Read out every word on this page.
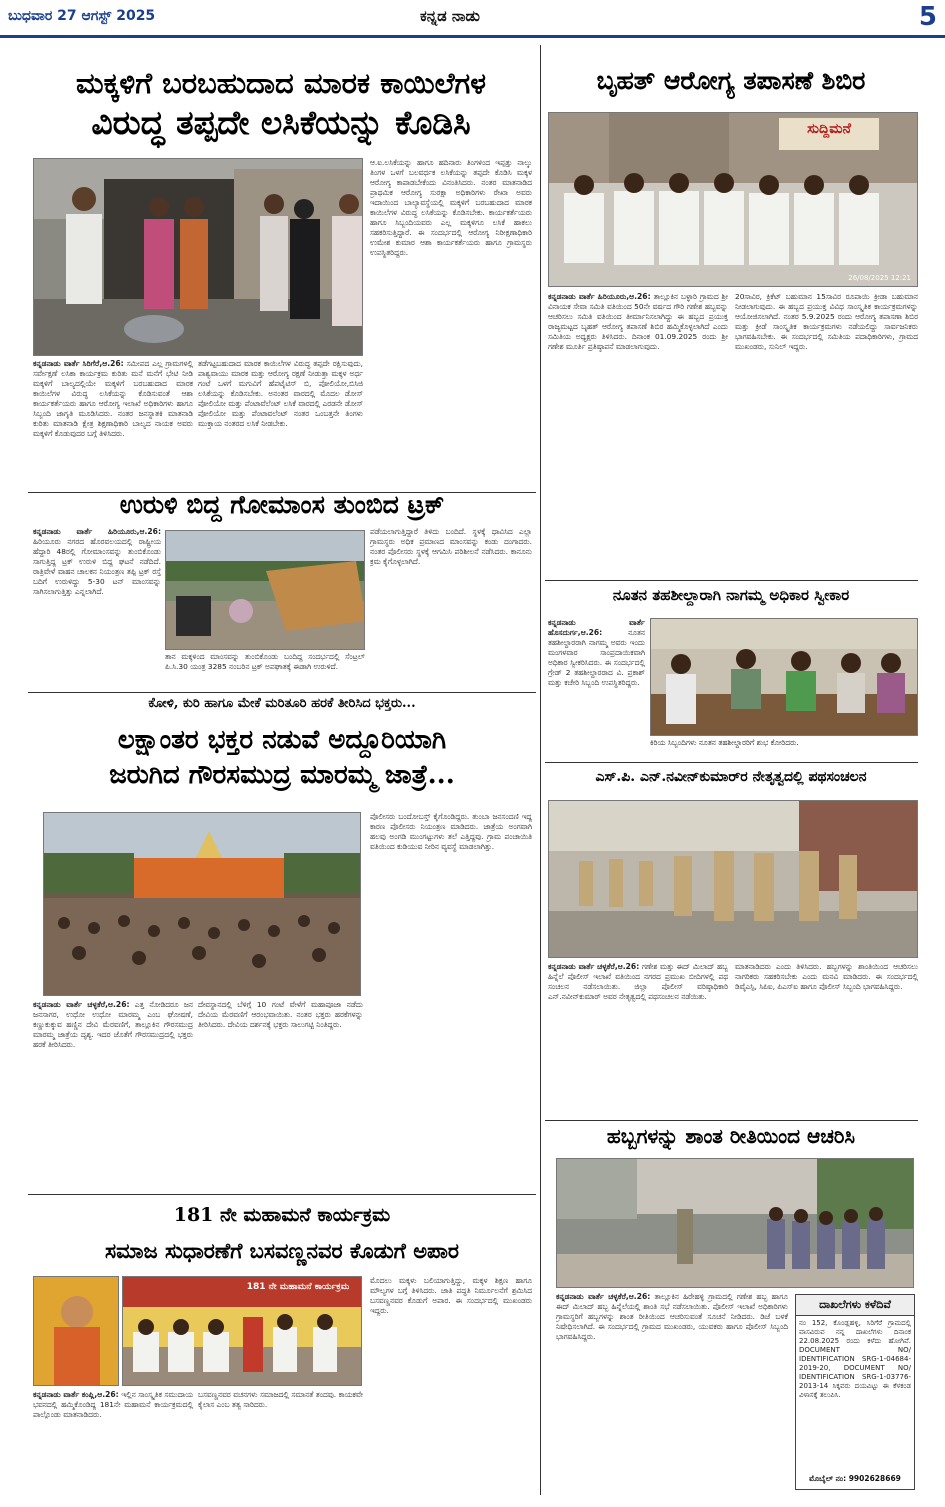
ಬುಧವಾರ 27 ಆಗಸ್ಟ್ 2025	ಕನ್ನಡ ನಾಡು	5
ಮಕ್ಕಳಿಗೆ ಬರಬಹುದಾದ ಮಾರಕ ಕಾಯಿಲೆಗಳ
ವಿರುದ್ಧ ತಪ್ಪದೇ ಲಸಿಕೆಯನ್ನು ಕೊಡಿಸಿ

ಕನ್ನಡನಾಡು ವಾರ್ತೆ ಸಿರಿಗೆರೆ,ಆ.26: ಸಮೀಪದ ಎಲ್ಲ ಗ್ರಾಮಗಳಲ್ಲಿ ಸರ್ವೇಕ್ಷಣೆ ಲಸಿಕಾ ಕಾರ್ಯಕ್ರಮ ಕುರಿತು ಮನೆ ಮನೆಗೆ ಭೇಟಿ ನೀಡಿ ಮಕ್ಕಳಿಗೆ ಬಾಲ್ಯದಲ್ಲಿಯೇ ಮಕ್ಕಳಿಗೆ ಬರಬಹುದಾದ ಮಾರಕ ಕಾಯಿಲೆಗಳ ವಿರುದ್ಧ ಲಸಿಕೆಯನ್ನು ಕೊಡಿಸುವಂತೆ ಆಶಾ ಕಾರ್ಯಕರ್ತೆಯರು ಹಾಗೂ ಆರೋಗ್ಯ ಇಲಾಖೆ ಅಧಿಕಾರಿಗಳು ಹಾಗೂ ಸಿಬ್ಬಂದಿ ಜಾಗೃತಿ ಮೂಡಿಸಿದರು. ನಂತರ ಜನಸ್ನಾತಕಿ ಮಾತನಾಡಿ ಕುರಿತು ಮಾತನಾಡಿ ಕ್ಷೇತ್ರ ಶಿಕ್ಷಣಾಧಿಕಾರಿ ಬಾಲ್ಯದ ನಾಯಕ ಅವರು ಮಕ್ಕಳಿಗೆ ಕೊಡುವುದರ ಬಗ್ಗೆ ತಿಳಿಸಿದರು.

ತಡೆಗಟ್ಟಬಹುದಾದ ಮಾರಕ ಕಾಯಿಲೆಗಳ ವಿರುದ್ಧ ತಪ್ಪದೇ ರಕ್ಷಿಸುವುದು, ಪಾಶ್ವವಾಯು ಮಾರಕ ಮತ್ತು ಆರೋಗ್ಯ ರಕ್ಷಣೆ ನೀಡುತ್ತಾ ಮಕ್ಕಳ ಅರ್ಧ ಗಂಟೆ ಒಳಗೆ ಮಗುವಿಗೆ ಹೆಪಟೈಟಿಸ್ ಬಿ, ಪೋಲಿಯೋ,ಬಿಸಿಜಿ ಲಸಿಕೆಯನ್ನು ಕೊಡಿಸಬೇಕು. ಅನಂತರ ವಾರದಲ್ಲಿ ಮೊದಲ ಡೋಸ್ ಪೋಲಿಯೋ ಮತ್ತು ಪೆಂಟಾವೆಲೆಂಟ್ ಲಸಿಕೆ ವಾರದಲ್ಲಿ ಎರಡನೇ ಡೋಸ್ ಪೋಲಿಯೋ ಮತ್ತು ಪೆಂಟಾವಲೆಂಟ್ ನಂತರ ಒಂಬತ್ತನೇ ತಿಂಗಳು ಮುಕ್ತಾಯ ನಂತರದ ಲಸಿಕೆ ನೀಡಬೇಕು.
ಆ.ಐ.ಲಸಿಕೆಯನ್ನು ಹಾಗೂ ಹದಿನಾರು ತಿಂಗಳಿಂದ ಇಪ್ಪತ್ತು ನಾಲ್ಕು ತಿಂಗಳ ಒಳಗೆ ಬಲವರ್ಧಕ ಲಸಿಕೆಯನ್ನು ತಪ್ಪದೇ ಕೊಡಿಸಿ ಮಕ್ಕಳ ಆರೋಗ್ಯ ಕಾಪಾಡಬೇಕೆಂದು ವಿನಂತಿಸಿದರು. ನಂತರ ಮಾತನಾಡಿದ ಪ್ರಾಥಮಿಕ ಆರೋಗ್ಯ ಸುರಕ್ಷಾ ಅಧಿಕಾರಿಗಳು ರೇಖಾ ಅವರು ಇದಾಯಿಂದ ಬಾಲ್ಯಾವಸ್ಥೆಯಲ್ಲಿ ಮಕ್ಕಳಿಗೆ ಬರಬಹುದಾದ ಮಾರಕ ಕಾಯಿಲೆಗಳ ವಿರುದ್ಧ ಲಸಿಕೆಯನ್ನು ಕೊಡಿಸಬೇಕು. ಕಾರ್ಯಕರ್ತೆಯರು ಹಾಗೂ ಸಿಬ್ಬಂದಿಯವರು ಎಲ್ಲ ಮಕ್ಕಳಿಗೂ ಲಸಿಕೆ ಹಾಕಲು ಸಹಕರಿಸುತ್ತಿದ್ದಾರೆ. ಈ ಸಂದರ್ಭದಲ್ಲಿ ಆರೋಗ್ಯ ನಿರೀಕ್ಷಣಾಧಿಕಾರಿ ಉಮೇಶ ಕುಮಾರ ಆಶಾ ಕಾರ್ಯಕರ್ತೆಯರು ಹಾಗೂ ಗ್ರಾಮಸ್ಥರು ಉಪಸ್ಥಿತರಿದ್ದರು.
ಬೃಹತ್ ಆರೋಗ್ಯ ತಪಾಸಣೆ ಶಿಬಿರ
ಸುದ್ದಿಮನೆ
26/08/2025 12:21

ಕನ್ನಡನಾಡು ವಾರ್ತೆ ಹಿರಿಯೂರು,ಆ.26: ತಾಲ್ಲೂಕಿನ ಬಳ್ಳಾರಿ ಗ್ರಾಮದ ಶ್ರೀ ವಿನಾಯಕ ಸೇವಾ ಸಮಿತಿ ವತಿಯಿಂದ 50ನೇ ವರ್ಷದ ಗೌರಿ ಗಣೇಶ ಹಬ್ಬವನ್ನು ಆಚರಿಸಲು ಸಮಿತಿ ವತಿಯಿಂದ ತೀರ್ಮಾನಿಸಲಾಗಿದ್ದು ಈ ಹಬ್ಬದ ಪ್ರಯುಕ್ತ ರಾಜ್ಯಮಟ್ಟದ ಬೃಹತ್ ಆರೋಗ್ಯ ತಪಾಸಣೆ ಶಿಬಿರ ಹಮ್ಮಿಕೊಳ್ಳಲಾಗಿದೆ ಎಂದು ಸಮಿತಿಯ ಅಧ್ಯಕ್ಷರು ತಿಳಿಸಿದರು. ದಿನಾಂಕ 01.09.2025 ರಂದು ಶ್ರೀ ಗಣೇಶ ಮೂರ್ತಿ ಪ್ರತಿಷ್ಠಾಪನೆ ಮಾಡಲಾಗುವುದು.

20ಸಾವಿರ, ಕ್ರಿಕೆಟ್ ಬಹುಮಾನ 15ಸಾವಿರ ರೂಪಾಯಿ ಕ್ರೀಡಾ ಬಹುಮಾನ ನೀಡಲಾಗುವುದು. ಈ ಹಬ್ಬದ ಪ್ರಯುಕ್ತ ವಿವಿಧ ಸಾಂಸ್ಕೃತಿಕ ಕಾರ್ಯಕ್ರಮಗಳನ್ನು ಆಯೋಜಿಸಲಾಗಿದೆ. ನಂತರ 5.9.2025 ರಂದು ಆರೋಗ್ಯ ತಪಾಸಣಾ ಶಿಬಿರ ಮತ್ತು ಕ್ರೀಡೆ ಸಾಂಸ್ಕೃತಿಕ ಕಾರ್ಯಕ್ರಮಗಳು ನಡೆಯಲಿದ್ದು ಸಾರ್ವಜನಿಕರು ಭಾಗವಹಿಸಬೇಕು. ಈ ಸಂದರ್ಭದಲ್ಲಿ ಸಮಿತಿಯ ಪದಾಧಿಕಾರಿಗಳು, ಗ್ರಾಮದ ಮುಖಂಡರು, ಸುನಿಲ್ ಇದ್ದರು.
ಉರುಳಿ ಬಿದ್ದ ಗೋಮಾಂಸ ತುಂಬಿದ ಟ್ರಕ್

ಕನ್ನಡನಾಡು ವಾರ್ತೆ ಹಿರಿಯೂರು,ಆ.26: ಹಿರಿಯೂರು ನಗರದ ಹೊರವಲಯದಲ್ಲಿ ರಾಷ್ಟ್ರೀಯ ಹೆದ್ದಾರಿ 48ರಲ್ಲಿ ಗೋಮಾಂಸವನ್ನು ತುಂಬಿಕೊಂಡು ಸಾಗುತ್ತಿದ್ದ ಟ್ರಕ್ ಉರುಳಿ ಬಿದ್ದ ಘಟನೆ ನಡೆದಿದೆ. ರಾತ್ರಿವೇಳೆ ವಾಹನ ಚಾಲಕನ ನಿಯಂತ್ರಣ ತಪ್ಪಿ ಟ್ರಕ್ ರಸ್ತೆ ಬದಿಗೆ ಉರುಳಿದ್ದು 5-30 ಟನ್ ಮಾಂಸವನ್ನು ಸಾಗಿಸಲಾಗುತ್ತಿತ್ತು ಎನ್ನಲಾಗಿದೆ.

ಪಡೆಯಲಾಗುತ್ತಿದ್ದಾರೆ ತಿಳಿದು ಬಂದಿದೆ. ಸ್ಥಳಕ್ಕೆ ಧಾವಿಸಿದ ಎಲ್ಲಾ ಗ್ರಾಮಸ್ಥರು ಅಧಿಕ ಪ್ರಮಾಣದ ಮಾಂಸವನ್ನು ಕಂಡು ದಂಗಾದರು. ನಂತರ ಪೊಲೀಸರು ಸ್ಥಳಕ್ಕೆ ಆಗಮಿಸಿ ಪರಿಶೀಲನೆ ನಡೆಸಿದರು. ಕಾನೂನು ಕ್ರಮ ಕೈಗೊಳ್ಳಲಾಗಿದೆ.
ತಾನ ಮಕ್ಕಳಿಂದ ಮಾಂಸವನ್ನು ತುಂಬಿಕೊಂಡು ಬಂದಿದ್ದ ಸಂದರ್ಭದಲ್ಲಿ ಸೆಂಟ್ರಲ್ ಪಿ.ಸಿ.30 ಯಂತ್ರ 3285 ನಂಬರಿನ ಟ್ರಕ್ ಅಪಘಾತಕ್ಕೆ ಈಡಾಗಿ ಉರುಳಿದೆ.
ನೂತನ ತಹಶೀಲ್ದಾರಾಗಿ ನಾಗಮ್ಮ ಅಧಿಕಾರ ಸ್ವೀಕಾರ

ಕನ್ನಡನಾಡು ವಾರ್ತೆ ಹೊಸದುರ್ಗ,ಆ.26:	ನೂತನ ತಹಶೀಲ್ದಾರರಾಗಿ ನಾಗಮ್ಮ ಅವರು ಇಂದು ಮಂಗಳವಾರ ಸಾಂಪ್ರದಾಯಿಕವಾಗಿ ಅಧಿಕಾರ ಸ್ವೀಕರಿಸಿದರು. ಈ ಸಂದರ್ಭದಲ್ಲಿ ಗ್ರೇಡ್ 2 ತಹಶೀಲ್ದಾರರಾದ ವಿ. ಪ್ರಕಾಶ್ ಮತ್ತು ಕಚೇರಿ ಸಿಬ್ಬಂದಿ ಉಪಸ್ಥಿತರಿದ್ದರು.

ಕಿರಿಯ ಸಿಬ್ಬಂದಿಗಳು ನೂತನ ತಹಶೀಲ್ದಾರರಿಗೆ ಶುಭ ಕೋರಿದರು.
ಕೋಳಿ, ಕುರಿ ಹಾಗೂ ಮೇಕೆ ಮರಿತೂರಿ ಹರಕೆ ತೀರಿಸಿದ ಭಕ್ತರು...
ಲಕ್ಷಾಂತರ ಭಕ್ತರ ನಡುವೆ ಅದ್ದೂರಿಯಾಗಿ
ಜರುಗಿದ ಗೌರಸಮುದ್ರ ಮಾರಮ್ಮ ಜಾತ್ರೆ...

ಕನ್ನಡನಾಡು ವಾರ್ತೆ ಚಳ್ಳಕೆರೆ,ಆ.26: ಎತ್ತ ನೋಡಿದರೂ ಜನ ಜನಸಾಗರ, ಉಧೋ ಉಧೋ ಮಾರಮ್ಮ ಎಂಬ ಘೋಷಣೆ, ಕಣ್ಣುಕುಕ್ಕುವ ಹಣ್ಣಿನ ದೇವಿ ಮೆರವಣಿಗೆ, ತಾಲ್ಲೂಕಿನ ಗೌರಸಮುದ್ರ ಮಾರಮ್ಮ ಜಾತ್ರೆಯ ದೃಶ್ಯ. ಇದರ ಜೊತೆಗೆ ಗೌರಸಮುದ್ರದಲ್ಲಿ ಭಕ್ತರು ಹರಕೆ ತೀರಿಸಿದರು.

ದೇವಸ್ಥಾನದಲ್ಲಿ ಬೆಳಿಗ್ಗೆ 10 ಗಂಟೆ ವೇಳೆಗೆ ಮಹಾಪೂಜಾ ನಡೆದು ದೇವಿಯ ಮೆರವಣಿಗೆ ಆರಂಭವಾಯಿತು. ನಂತರ ಭಕ್ತರು ಹರಕೆಗಳನ್ನು ತೀರಿಸಿದರು. ದೇವಿಯ ದರ್ಶನಕ್ಕೆ ಭಕ್ತರು ಸಾಲುಗಟ್ಟಿ ನಿಂತಿದ್ದರು.
ಪೊಲೀಸರು ಬಂದೋಬಸ್ತ್ ಕೈಗೊಂಡಿದ್ದರು. ತುಂಬಾ ಜನಸಂದಣಿ ಇದ್ದ ಕಾರಣ ಪೊಲೀಸರು ನಿಯಂತ್ರಣ ಮಾಡಿದರು. ಜಾತ್ರೆಯ ಅಂಗವಾಗಿ ಹಲವು ಅಂಗಡಿ ಮುಂಗಟ್ಟುಗಳು ತಲೆ ಎತ್ತಿದ್ದವು. ಗ್ರಾಮ ಪಂಚಾಯಿತಿ ವತಿಯಿಂದ ಕುಡಿಯುವ ನೀರಿನ ವ್ಯವಸ್ಥೆ ಮಾಡಲಾಗಿತ್ತು.
ಎಸ್.ಪಿ. ಎನ್.ನವೀನ್‌ಕುಮಾರ್‌ರ ನೇತೃತ್ವದಲ್ಲಿ ಪಥಸಂಚಲನ

ಕನ್ನಡನಾಡು ವಾರ್ತೆ ಚಳ್ಳಕೆರೆ,ಆ.26: ಗಣೇಶ ಮತ್ತು ಈದ್ ಮಿಲಾದ್ ಹಬ್ಬ ಹಿನ್ನೆಲೆ ಪೊಲೀಸ್ ಇಲಾಖೆ ವತಿಯಿಂದ ನಗರದ ಪ್ರಮುಖ ಬೀದಿಗಳಲ್ಲಿ ಪಥ ಸಂಚಲನ ನಡೆಸಲಾಯಿತು. ಜಿಲ್ಲಾ ಪೊಲೀಸ್ ವರಿಷ್ಠಾಧಿಕಾರಿ ಎನ್.ನವೀನ್‌ಕುಮಾರ್ ಅವರ ನೇತೃತ್ವದಲ್ಲಿ ಪಥಸಂಚಲನ ನಡೆಯಿತು.

ಮಾತನಾಡಿದರು ಎಂದು ತಿಳಿಸಿದರು. ಹಬ್ಬಗಳನ್ನು ಶಾಂತಿಯಿಂದ ಆಚರಿಸಲು ನಾಗರಿಕರು ಸಹಕರಿಸಬೇಕು ಎಂದು ಮನವಿ ಮಾಡಿದರು. ಈ ಸಂದರ್ಭದಲ್ಲಿ ಡಿವೈಎಸ್ಪಿ, ಸಿಪಿಐ, ಪಿಎಸ್ಐ ಹಾಗೂ ಪೊಲೀಸ್ ಸಿಬ್ಬಂದಿ ಭಾಗವಹಿಸಿದ್ದರು.
181 ನೇ ಮಹಾಮನೆ ಕಾರ್ಯಕ್ರಮ
ಸಮಾಜ ಸುಧಾರಣೆಗೆ ಬಸವಣ್ಣನವರ ಕೊಡುಗೆ ಅಪಾರ
181 ನೇ ಮಹಾಮನೆ ಕಾರ್ಯಕ್ರಮ

ಕನ್ನಡನಾಡು ವಾರ್ತೆ ಕಂಪ್ಲಿ,ಆ.26: ಇಲ್ಲಿನ ಸಾಂಸ್ಕೃತಿಕ ಸಮುದಾಯ ಭವನದಲ್ಲಿ ಹಮ್ಮಿಕೊಂಡಿದ್ದ 181ನೇ ಮಹಾಮನೆ ಕಾರ್ಯಕ್ರಮದಲ್ಲಿ ಪಾಲ್ಗೊಂಡು ಮಾತನಾಡಿದರು.

ಬಸವಣ್ಣನವರ ವಚನಗಳು ಸಮಾಜದಲ್ಲಿ ಸಮಾನತೆ ತಂದವು. ಕಾಯಕವೇ ಕೈಲಾಸ ಎಂಬ ತತ್ವ ಸಾರಿದರು.
ಮೊದಲು ಮಕ್ಕಳು ಬಲಿಯಾಗುತ್ತಿದ್ದು, ಮಕ್ಕಳ ಶಿಕ್ಷಣ ಹಾಗೂ ಮೌಲ್ಯಗಳ ಬಗ್ಗೆ ತಿಳಿಸಿದರು. ಜಾತಿ ಪದ್ಧತಿ ನಿರ್ಮೂಲನೆಗೆ ಶ್ರಮಿಸಿದ ಬಸವಣ್ಣನವರ ಕೊಡುಗೆ ಅಪಾರ. ಈ ಸಂದರ್ಭದಲ್ಲಿ ಮುಖಂಡರು ಇದ್ದರು.
ಹಬ್ಬಗಳನ್ನು ಶಾಂತ ರೀತಿಯಿಂದ ಆಚರಿಸಿ

ಕನ್ನಡನಾಡು ವಾರ್ತೆ ಚಳ್ಳಕೆರೆ,ಆ.26: ತಾಲ್ಲೂಕಿನ ಹಿರೇಹಳ್ಳಿ ಗ್ರಾಮದಲ್ಲಿ ಗಣೇಶ ಹಬ್ಬ ಹಾಗೂ ಈದ್ ಮಿಲಾದ್ ಹಬ್ಬ ಹಿನ್ನೆಲೆಯಲ್ಲಿ ಶಾಂತಿ ಸಭೆ ನಡೆಸಲಾಯಿತು. ಪೊಲೀಸ್ ಇಲಾಖೆ ಅಧಿಕಾರಿಗಳು ಗ್ರಾಮಸ್ಥರಿಗೆ ಹಬ್ಬಗಳನ್ನು ಶಾಂತ ರೀತಿಯಿಂದ ಆಚರಿಸುವಂತೆ ಸೂಚನೆ ನೀಡಿದರು. ಡಿಜೆ ಬಳಕೆ ನಿಷೇಧಿಸಲಾಗಿದೆ. ಈ ಸಂದರ್ಭದಲ್ಲಿ ಗ್ರಾಮದ ಮುಖಂಡರು, ಯುವಕರು ಹಾಗೂ ಪೊಲೀಸ್ ಸಿಬ್ಬಂದಿ ಭಾಗವಹಿಸಿದ್ದರು.

ದಾಖಲೆಗಳು ಕಳೆದಿವೆ
ನಂ 152, ಕೊಂಡ್ಲಹಳ್ಳಿ, ಸಿರಿಗೆರೆ ಗ್ರಾಮದಲ್ಲಿ ವಾಸವಿರುವ ನನ್ನ ದಾಖಲೆಗಳು ದಿನಾಂಕ 22.08.2025 ರಂದು ಕಳೆದು ಹೋಗಿವೆ. DOCUMENT NO/ IDENTIFICATION SRG-1-04684-2019-20, DOCUMENT NO/ IDENTIFICATION SRG-1-03776-2013-14 ಸಿಕ್ಕವರು ದಯವಿಟ್ಟು ಈ ಕೆಳಕಂಡ ವಿಳಾಸಕ್ಕೆ ತಲುಪಿಸಿ.
ಮೊಬೈಲ್ ನಂ: 9902628669
